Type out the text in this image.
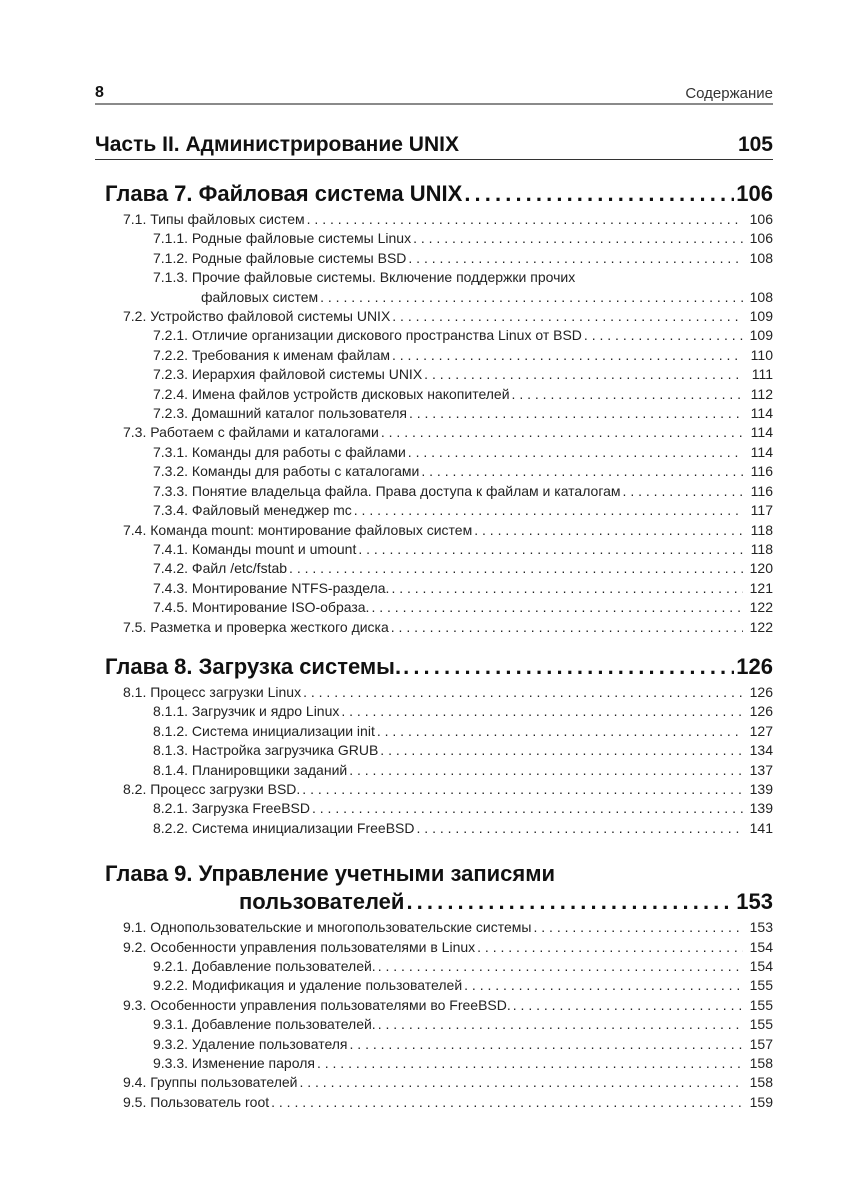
8	Содержание
Часть II. Администрирование UNIX	105
Глава 7. Файловая система UNIX . . .	106
7.1. Типы файловых систем . . .	106
7.1.1. Родные файловые системы Linux . . .	106
7.1.2. Родные файловые системы BSD . . .	108
7.1.3. Прочие файловые системы. Включение поддержки прочих
файловых систем . . .	108
7.2. Устройство файловой системы UNIX . . .	109
7.2.1. Отличие организации дискового пространства Linux от BSD . . .	109
7.2.2. Требования к именам файлам . . .	110
7.2.3. Иерархия файловой системы UNIX . . .	111
7.2.4. Имена файлов устройств дисковых накопителей . . .	112
7.2.3. Домашний каталог пользователя . . .	114
7.3. Работаем с файлами и каталогами . . .	114
7.3.1. Команды для работы с файлами . . .	114
7.3.2. Команды для работы с каталогами . . .	116
7.3.3. Понятие владельца файла. Права доступа к файлам и каталогам . . .	116
7.3.4. Файловый менеджер mc . . .	117
7.4. Команда mount: монтирование файловых систем . . .	118
7.4.1. Команды mount и umount . . .	118
7.4.2. Файл /etc/fstab . . .	120
7.4.3. Монтирование NTFS-раздела. . . .	121
7.4.5. Монтирование ISO-образа. . . .	122
7.5. Разметка и проверка жесткого диска . . .	122
Глава 8. Загрузка системы. . . .	126
8.1. Процесс загрузки Linux . . .	126
8.1.1. Загрузчик и ядро Linux . . .	126
8.1.2. Система инициализации init . . .	127
8.1.3. Настройка загрузчика GRUB . . .	134
8.1.4. Планировщики заданий . . .	137
8.2. Процесс загрузки BSD. . . .	139
8.2.1. Загрузка FreeBSD . . .	139
8.2.2. Система инициализации FreeBSD . . .	141
Глава 9. Управление учетными записями
пользователей . . .	153
9.1. Однопользовательские и многопользовательские системы . . .	153
9.2. Особенности управления пользователями в Linux . . .	154
9.2.1. Добавление пользователей. . . .	154
9.2.2. Модификация и удаление пользователей . . .	155
9.3. Особенности управления пользователями во FreeBSD. . . .	155
9.3.1. Добавление пользователей. . . .	155
9.3.2. Удаление пользователя . . .	157
9.3.3. Изменение пароля . . .	158
9.4. Группы пользователей . . .	158
9.5. Пользователь root . . .	159
